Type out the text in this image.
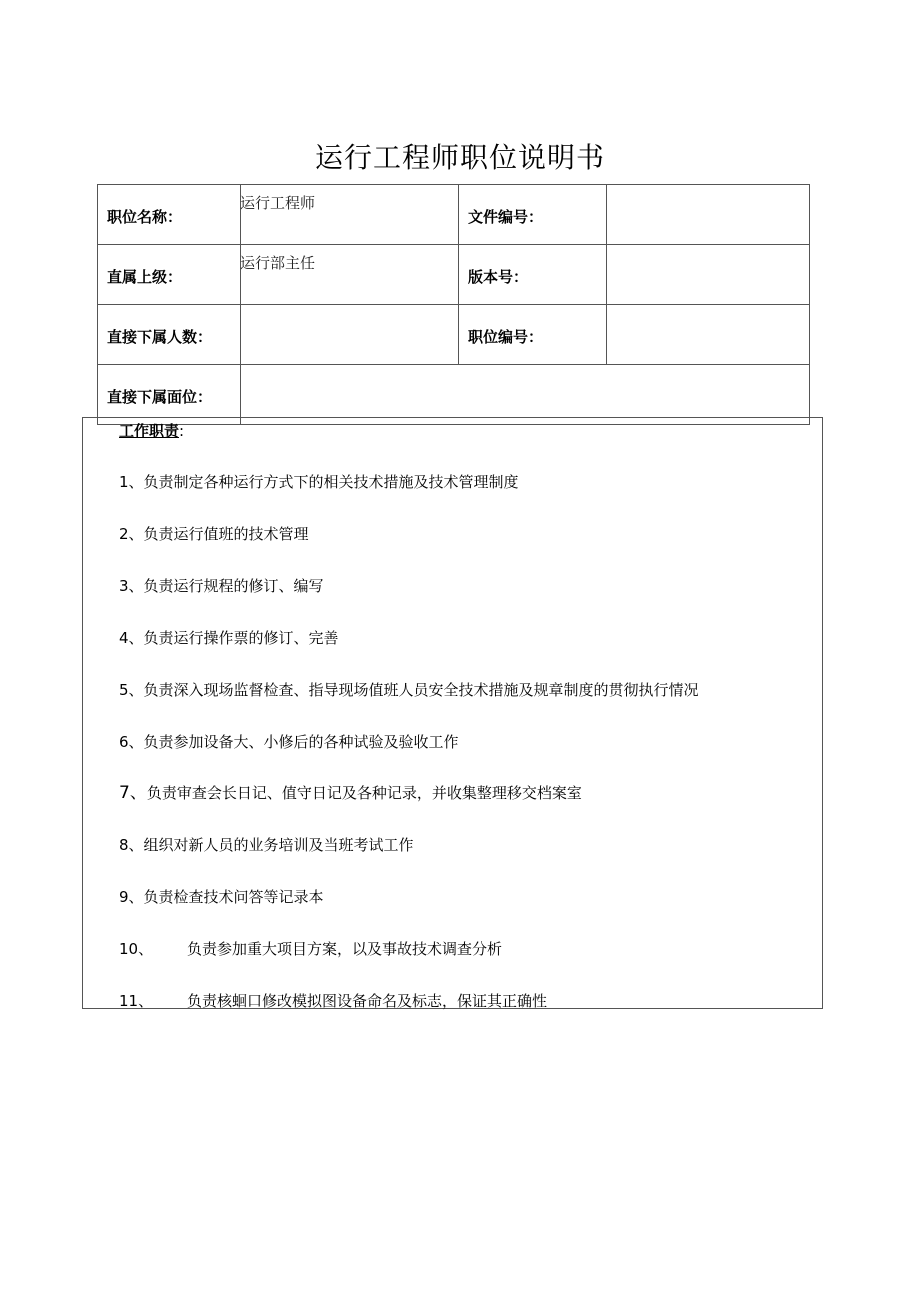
运行工程师职位说明书
职位名称：	运行工程师	文件编号：	
直属上级：	运行部主任	版本号：	
直接下属人数：		职位编号：	
直接下属面位：			
工作职责:
1、负责制定各种运行方式下的相关技术措施及技术管理制度
2、负责运行值班的技术管理
3、负责运行规程的修订、编写
4、负责运行操作票的修订、完善
5、负责深入现场监督检查、指导现场值班人员安全技术措施及规章制度的贯彻执行情况
6、负责参加设备大、小修后的各种试验及验收工作
7、负责审查会长日记、值守日记及各种记录，并收集整理移交档案室
8、组织对新人员的业务培训及当班考试工作
9、负责检查技术问答等记录本
10、 负责参加重大项目方案，以及事故技术调查分析
11、 负责核蛔口修改模拟图设备命名及标志，保证其正确性
